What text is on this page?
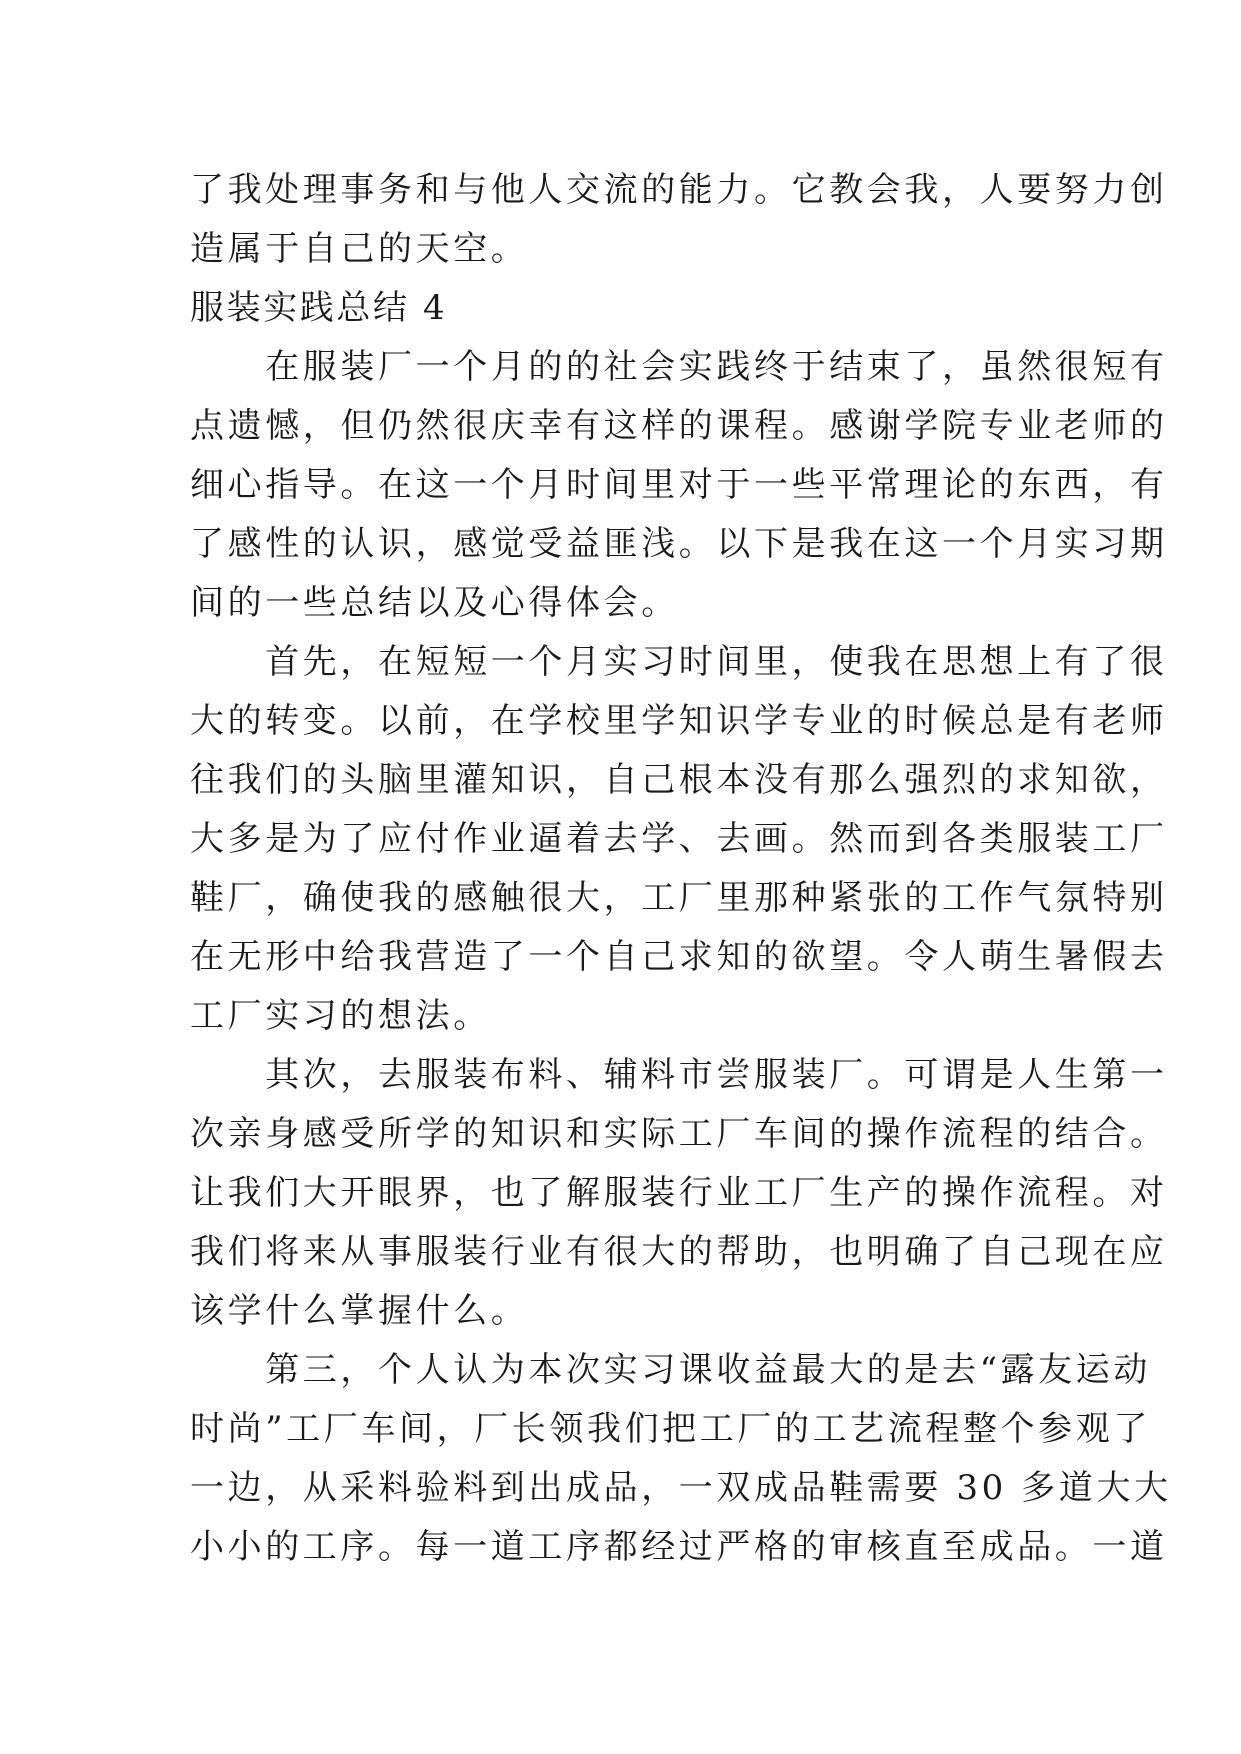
了我处理事务和与他人交流的能力。它教会我，人要努力创
造属于自己的天空。
服装实践总结 4
　　在服装厂一个月的的社会实践终于结束了，虽然很短有
点遗憾，但仍然很庆幸有这样的课程。感谢学院专业老师的
细心指导。在这一个月时间里对于一些平常理论的东西，有
了感性的认识，感觉受益匪浅。以下是我在这一个月实习期
间的一些总结以及心得体会。
　　首先，在短短一个月实习时间里，使我在思想上有了很
大的转变。以前，在学校里学知识学专业的时候总是有老师
往我们的头脑里灌知识，自己根本没有那么强烈的求知欲，
大多是为了应付作业逼着去学、去画。然而到各类服装工厂
鞋厂，确使我的感触很大，工厂里那种紧张的工作气氛特别
在无形中给我营造了一个自己求知的欲望。令人萌生暑假去
工厂实习的想法。
　　其次，去服装布料、辅料市尝服装厂。可谓是人生第一
次亲身感受所学的知识和实际工厂车间的操作流程的结合。
让我们大开眼界，也了解服装行业工厂生产的操作流程。对
我们将来从事服装行业有很大的帮助，也明确了自己现在应
该学什么掌握什么。
　　第三，个人认为本次实习课收益最大的是去“露友运动
时尚”工厂车间，厂长领我们把工厂的工艺流程整个参观了
一边，从采料验料到出成品，一双成品鞋需要 30 多道大大
小小的工序。每一道工序都经过严格的审核直至成品。一道
